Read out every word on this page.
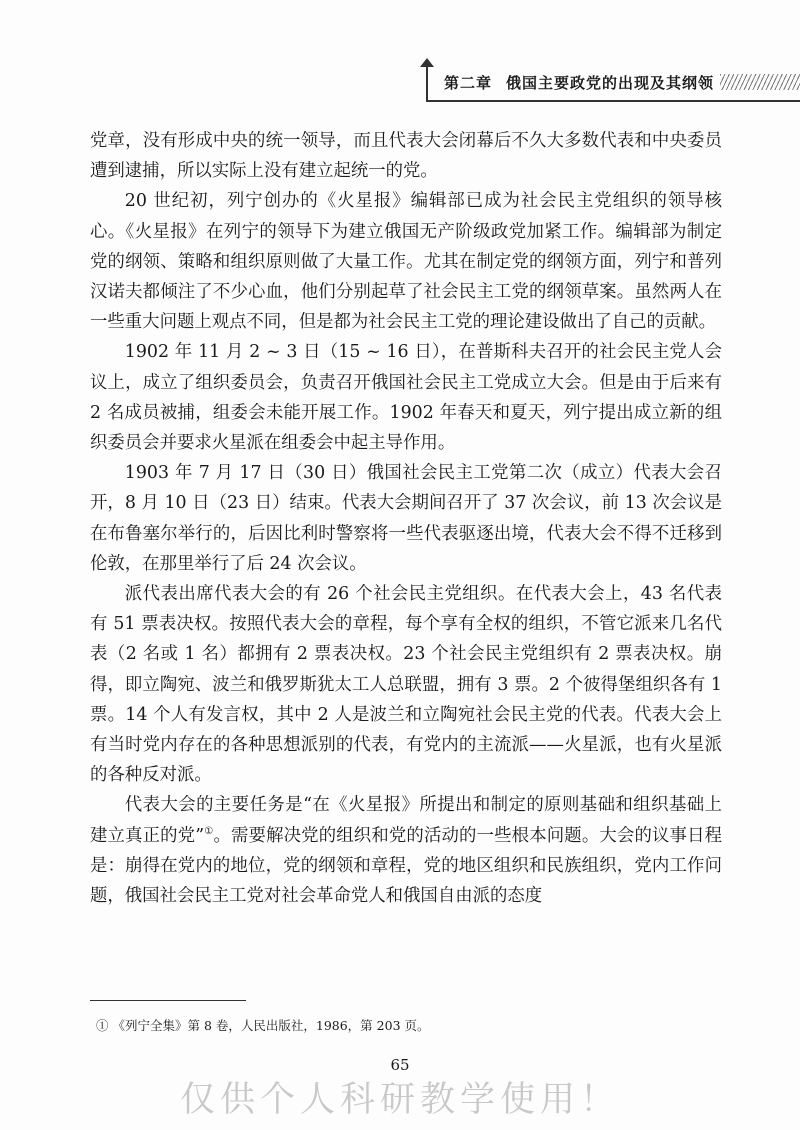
第二章 俄国主要政党的出现及其纲领

党章，没有形成中央的统一领导，而且代表大会闭幕后不久大多数代表和中央委员遭到逮捕，所以实际上没有建立起统一的党。

20 世纪初，列宁创办的《火星报》编辑部已成为社会民主党组织的领导核心。《火星报》在列宁的领导下为建立俄国无产阶级政党加紧工作。编辑部为制定党的纲领、策略和组织原则做了大量工作。尤其在制定党的纲领方面，列宁和普列汉诺夫都倾注了不少心血，他们分别起草了社会民主工党的纲领草案。虽然两人在一些重大问题上观点不同，但是都为社会民主工党的理论建设做出了自己的贡献。

1902 年 11 月 2 ~ 3 日（15 ~ 16 日），在普斯科夫召开的社会民主党人会议上，成立了组织委员会，负责召开俄国社会民主工党成立大会。但是由于后来有 2 名成员被捕，组委会未能开展工作。1902 年春天和夏天，列宁提出成立新的组织委员会并要求火星派在组委会中起主导作用。

1903 年 7 月 17 日（30 日）俄国社会民主工党第二次（成立）代表大会召开，8 月 10 日（23 日）结束。代表大会期间召开了 37 次会议，前 13 次会议是在布鲁塞尔举行的，后因比利时警察将一些代表驱逐出境，代表大会不得不迁移到伦敦，在那里举行了后 24 次会议。

派代表出席代表大会的有 26 个社会民主党组织。在代表大会上，43 名代表有 51 票表决权。按照代表大会的章程，每个享有全权的组织，不管它派来几名代表（2 名或 1 名）都拥有 2 票表决权。23 个社会民主党组织有 2 票表决权。崩得，即立陶宛、波兰和俄罗斯犹太工人总联盟，拥有 3 票。2 个彼得堡组织各有 1 票。14 个人有发言权，其中 2 人是波兰和立陶宛社会民主党的代表。代表大会上有当时党内存在的各种思想派别的代表，有党内的主流派——火星派，也有火星派的各种反对派。

代表大会的主要任务是“在《火星报》所提出和制定的原则基础和组织基础上建立真正的党”①。需要解决党的组织和党的活动的一些根本问题。大会的议事日程是：崩得在党内的地位，党的纲领和章程，党的地区组织和民族组织，党内工作问题，俄国社会民主工党对社会革命党人和俄国自由派的态度

① 《列宁全集》第 8 卷，人民出版社，1986，第 203 页。
65
仅供个人科研教学使用！
